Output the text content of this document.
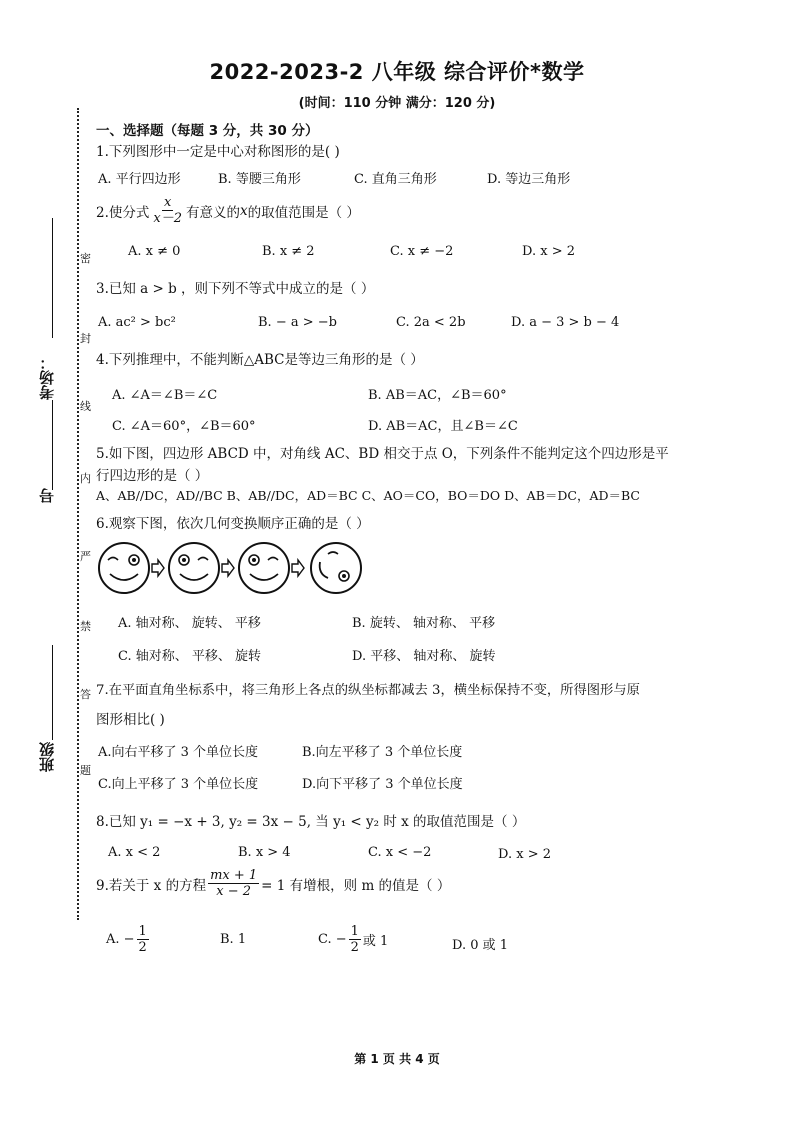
2022-2023-2 八年级 综合评价*数学
(时间：110 分钟 满分：120 分)
密
封
线
内
严
禁
答
题
考场：
号
班级
一、选择题（每题 3 分，共 30 分）
1.下列图形中一定是中心对称图形的是( )
A. 平行四边形	B. 等腰三角形	C. 直角三角形	D. 等边三角形
2.使分式 $\frac{x}{x-2}$ 有意义的 x 的取值范围是（ ）
A. x ≠ 0	B. x ≠ 2	C. x ≠ −2	D. x > 2
3.已知 a > b ，则下列不等式中成立的是（ ）
A. ac² > bc²	B. − a > −b	C. 2a < 2b	D. a − 3 > b − 4
4.下列推理中，不能判断△ABC是等边三角形的是（ ）
A. ∠A＝∠B＝∠C	B. AB＝AC，∠B＝60°
C. ∠A＝60°，∠B＝60°	D. AB＝AC，且∠B＝∠C
5.如下图，四边形 ABCD 中，对角线 AC、BD 相交于点 O，下列条件不能判定这个四边形是平
行四边形的是（ ）
A、AB//DC，AD//BC B、AB//DC，AD＝BC C、AO＝CO，BO＝DO D、AB＝DC，AD＝BC
6.观察下图，依次几何变换顺序正确的是（ ）
A. 轴对称、 旋转、 平移	B. 旋转、 轴对称、 平移
C. 轴对称、 平移、 旋转	D. 平移、 轴对称、 旋转
7.在平面直角坐标系中，将三角形上各点的纵坐标都减去 3，横坐标保持不变，所得图形与原
图形相比( )
A.向右平移了 3 个单位长度	B.向左平移了 3 个单位长度
C.向上平移了 3 个单位长度	D.向下平移了 3 个单位长度
8.已知 y₁ = −x + 3, y₂ = 3x − 5, 当 y₁ < y₂ 时 x 的取值范围是（ ）
A. x < 2	B. x > 4	C. x < −2	D. x > 2
9.若关于 x 的方程 $\frac{mx + 1}{x - 2} = 1$ 有增根，则 m 的值是（ ）
A. − $\frac{1}{2}$	B. 1	C. − $\frac{1}{2}$ 或 1	D. 0 或 1
第 1 页 共 4 页
